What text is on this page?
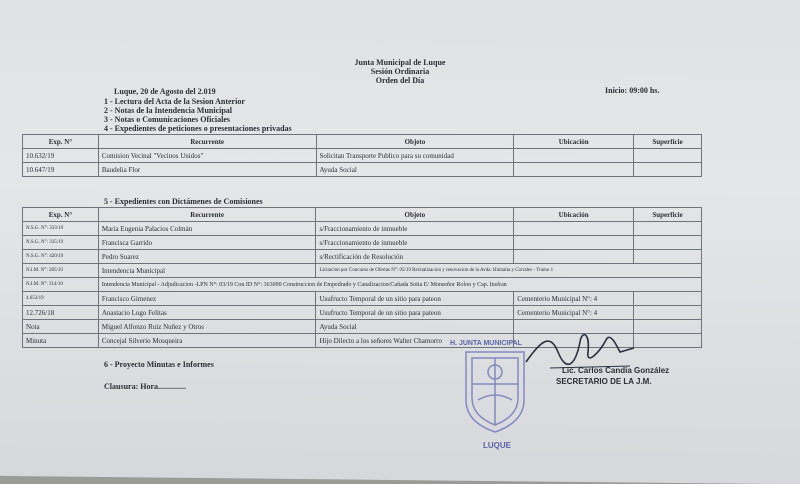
Junta Municipal de Luque
Sesión Ordinaria
Orden del Día
Luque, 20 de Agosto del 2.019	Inicio: 09:00 hs.
1 - Lectura del Acta de la Sesion Anterior
2 - Notas de la Intendencia Municipal
3 - Notas o Comunicaciones Oficiales
4 - Expedientes de peticiones o presentaciones privadas
Exp. N°	Recurrente	Objeto	Ubicación	Superficie
10.632/19	Comision Vecinal "Vecinos Unidos"	Solicitan Transporte Publico para su comunidad		
10.647/19	Baudelia Flor	Ayuda Social		
5 - Expedientes con Dictámenes de Comisiones
Exp. N°	Recurrente	Objeto	Ubicación	Superficie
N.S.G. N°: 333/19	Maria Eugenia Palacios Colmán	s/Fraccionamiento de inmueble		
N.S.G. N°: 335/19	Francisca Garrido	s/Fraccionamiento de inmueble		
N.S.G. N°: 420/19	Pedro Suarez	s/Rectificación de Resolución		
N.I.M. N°: 285/19	Intendencia Municipal	Licitacion por Concurso de Ofertas N°: 05/19 Revitalizacion y renovacion de la Avda. Humaita y Corrales - Tramo 1		
N.I.M. N°: 314/19	Intendencia Municipal - Adjudicacion -LPN N°: 03/19 Con ID N°: 363090 Construccion de Empedrado y Canalizacion/Cañada Sotia E/ Monseñor Rolon y Cap. Insfran			
4.653/19	Francisco Gimenez	Usufructo Temporal de un sitio para pateon	Cementerio Municipal N°: 4	
12.726/18	Anastacio Lugo Felitas	Usufructo Temporal de un sitio para pateon	Cementerio Municipal N°: 4	
Nota	Miguel Alfonzo Ruiz Nuñez y Otros	Ayuda Social		
Minuta	Concejal Silverio Mosqueira	Hijo Dilecto a los señores Walter Chamorro		
6 - Proyecto Minutas e Informes
Clausura: Hora..............
H. JUNTA MUNICIPAL
LUQUE
Lic. Carlos Candia González
SECRETARIO DE LA J.M.
